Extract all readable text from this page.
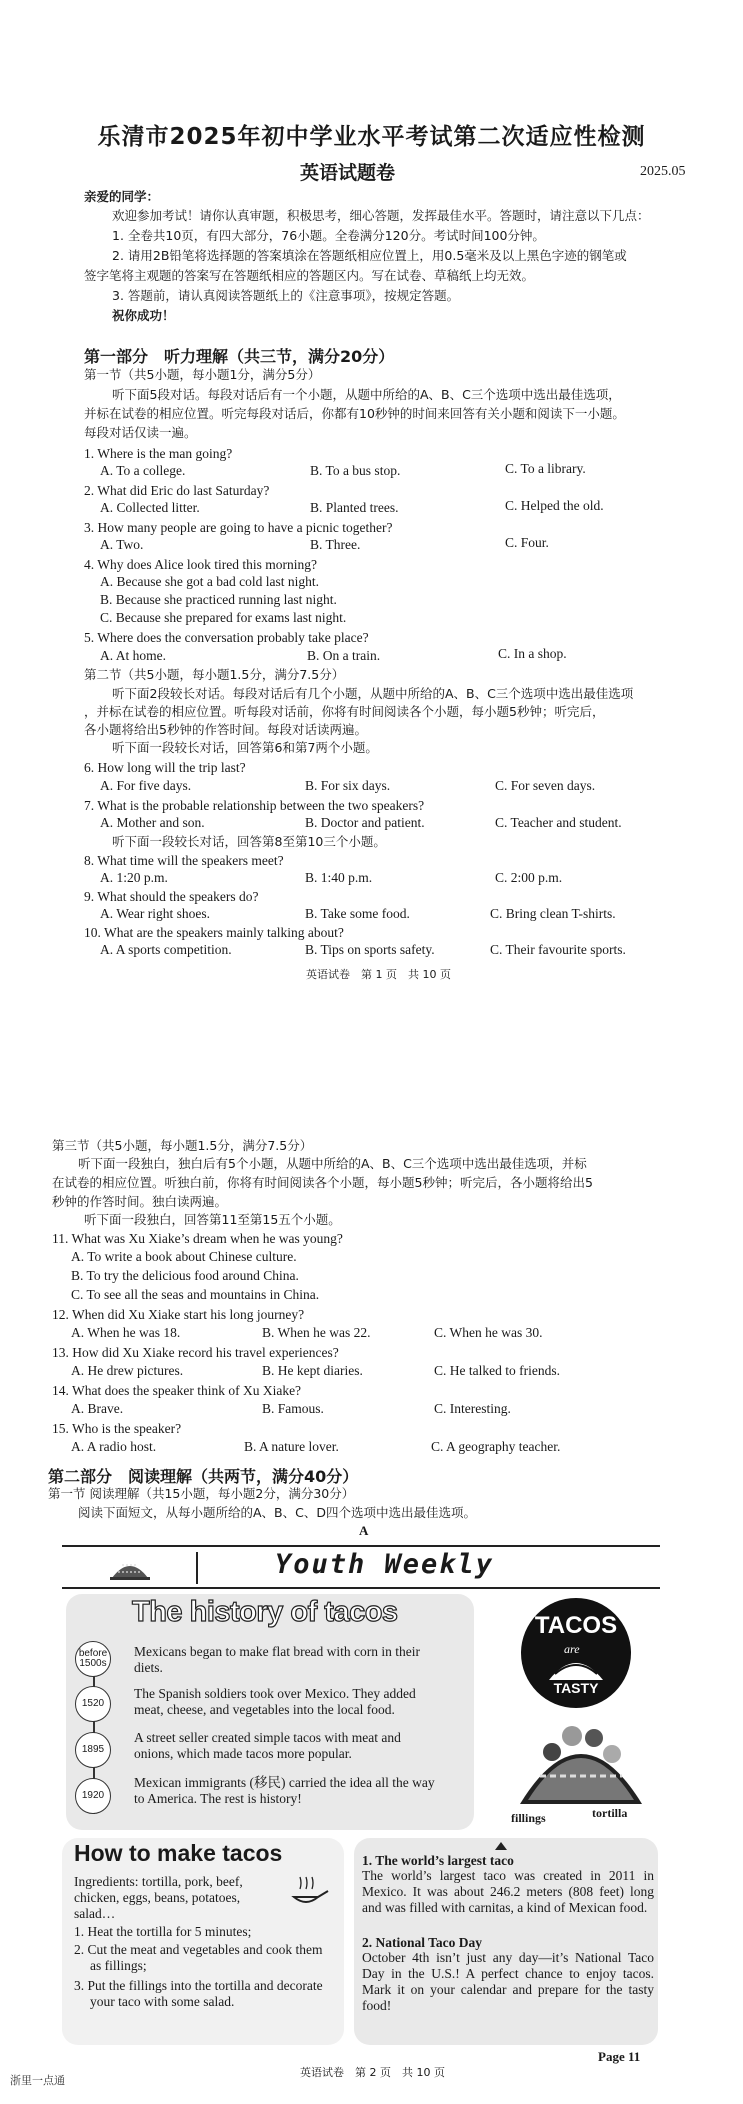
乐清市2025年初中学业水平考试第二次适应性检测
英语试题卷	2025.05
亲爱的同学：
欢迎参加考试！请你认真审题，积极思考，细心答题，发挥最佳水平。答题时，请注意以下几点：
1. 全卷共10页，有四大部分，76小题。全卷满分120分。考试时间100分钟。
2. 请用2B铅笔将选择题的答案填涂在答题纸相应位置上，用0.5毫米及以上黑色字迹的钢笔或
签字笔将主观题的答案写在答题纸相应的答题区内。写在试卷、草稿纸上均无效。
3. 答题前，请认真阅读答题纸上的《注意事项》，按规定答题。
祝你成功！
第一部分　听力理解（共三节，满分20分）
第一节（共5小题，每小题1分，满分5分）
听下面5段对话。每段对话后有一个小题，从题中所给的A、B、C三个选项中选出最佳选项，
并标在试卷的相应位置。听完每段对话后，你都有10秒钟的时间来回答有关小题和阅读下一小题。
每段对话仅读一遍。
1. Where is the man going?
A. To a college.	B. To a bus stop.	C. To a library.
2. What did Eric do last Saturday?
A. Collected litter.	B. Planted trees.	C. Helped the old.
3. How many people are going to have a picnic together?
A. Two.	B. Three.	C. Four.
4. Why does Alice look tired this morning?
A. Because she got a bad cold last night.
B. Because she practiced running last night.
C. Because she prepared for exams last night.
5. Where does the conversation probably take place?
A. At home.	B. On a train.	C. In a shop.
第二节（共5小题，每小题1.5分，满分7.5分）
听下面2段较长对话。每段对话后有几个小题，从题中所给的A、B、C三个选项中选出最佳选项
，并标在试卷的相应位置。听每段对话前，你将有时间阅读各个小题，每小题5秒钟；听完后，
各小题将给出5秒钟的作答时间。每段对话读两遍。
听下面一段较长对话，回答第6和第7两个小题。
6. How long will the trip last?
A. For five days.	B. For six days.	C. For seven days.
7. What is the probable relationship between the two speakers?
A. Mother and son.	B. Doctor and patient.	C. Teacher and student.
听下面一段较长对话，回答第8至第10三个小题。
8. What time will the speakers meet?
A. 1:20 p.m.	B. 1:40 p.m.	C. 2:00 p.m.
9. What should the speakers do?
A. Wear right shoes.	B. Take some food.	C. Bring clean T-shirts.
10. What are the speakers mainly talking about?
A. A sports competition.	B. Tips on sports safety.	C. Their favourite sports.
英语试卷　第 1 页　共 10 页
第三节（共5小题，每小题1.5分，满分7.5分）
听下面一段独白，独白后有5个小题，从题中所给的A、B、C三个选项中选出最佳选项，并标
在试卷的相应位置。听独白前，你将有时间阅读各个小题，每小题5秒钟；听完后，各小题将给出5
秒钟的作答时间。独白读两遍。
听下面一段独白，回答第11至第15五个小题。
11. What was Xu Xiake’s dream when he was young?
A. To write a book about Chinese culture.
B. To try the delicious food around China.
C. To see all the seas and mountains in China.
12. When did Xu Xiake start his long journey?
A. When he was 18.	B. When he was 22.	C. When he was 30.
13. How did Xu Xiake record his travel experiences?
A. He drew pictures.	B. He kept diaries.	C. He talked to friends.
14. What does the speaker think of Xu Xiake?
A. Brave.	B. Famous.	C. Interesting.
15. Who is the speaker?
A. A radio host.	B. A nature lover.	C. A geography teacher.
第二部分　阅读理解（共两节，满分40分）
第一节 阅读理解（共15小题，每小题2分，满分30分）
阅读下面短文，从每小题所给的A、B、C、D四个选项中选出最佳选项。
A
Youth Weekly
The history of tacos
before 1500s
Mexicans began to make flat bread with corn in their diets.
1520
The Spanish soldiers took over Mexico. They added meat, cheese, and vegetables into the local food.
1895
A street seller created simple tacos with meat and onions, which made tacos more popular.
1920
Mexican immigrants (移民) carried the idea all the way to America. The rest is history!
TACOS
are
TASTY
fillings	tortilla
How to make tacos
Ingredients: tortilla, pork, beef, chicken, eggs, beans, potatoes, salad…
1. Heat the tortilla for 5 minutes;
2. Cut the meat and vegetables and cook them as fillings;
3. Put the fillings into the tortilla and decorate your taco with some salad.
1. The world’s largest taco
The world’s largest taco was created in 2011 in Mexico. It was about 246.2 meters (808 feet) long and was filled with carnitas, a kind of Mexican food.
2. National Taco Day
October 4th isn’t just any day—it’s National Taco Day in the U.S.! A perfect chance to enjoy tacos. Mark it on your calendar and prepare for the tasty food!
Page 11
英语试卷　第 2 页　共 10 页
浙里一点通
